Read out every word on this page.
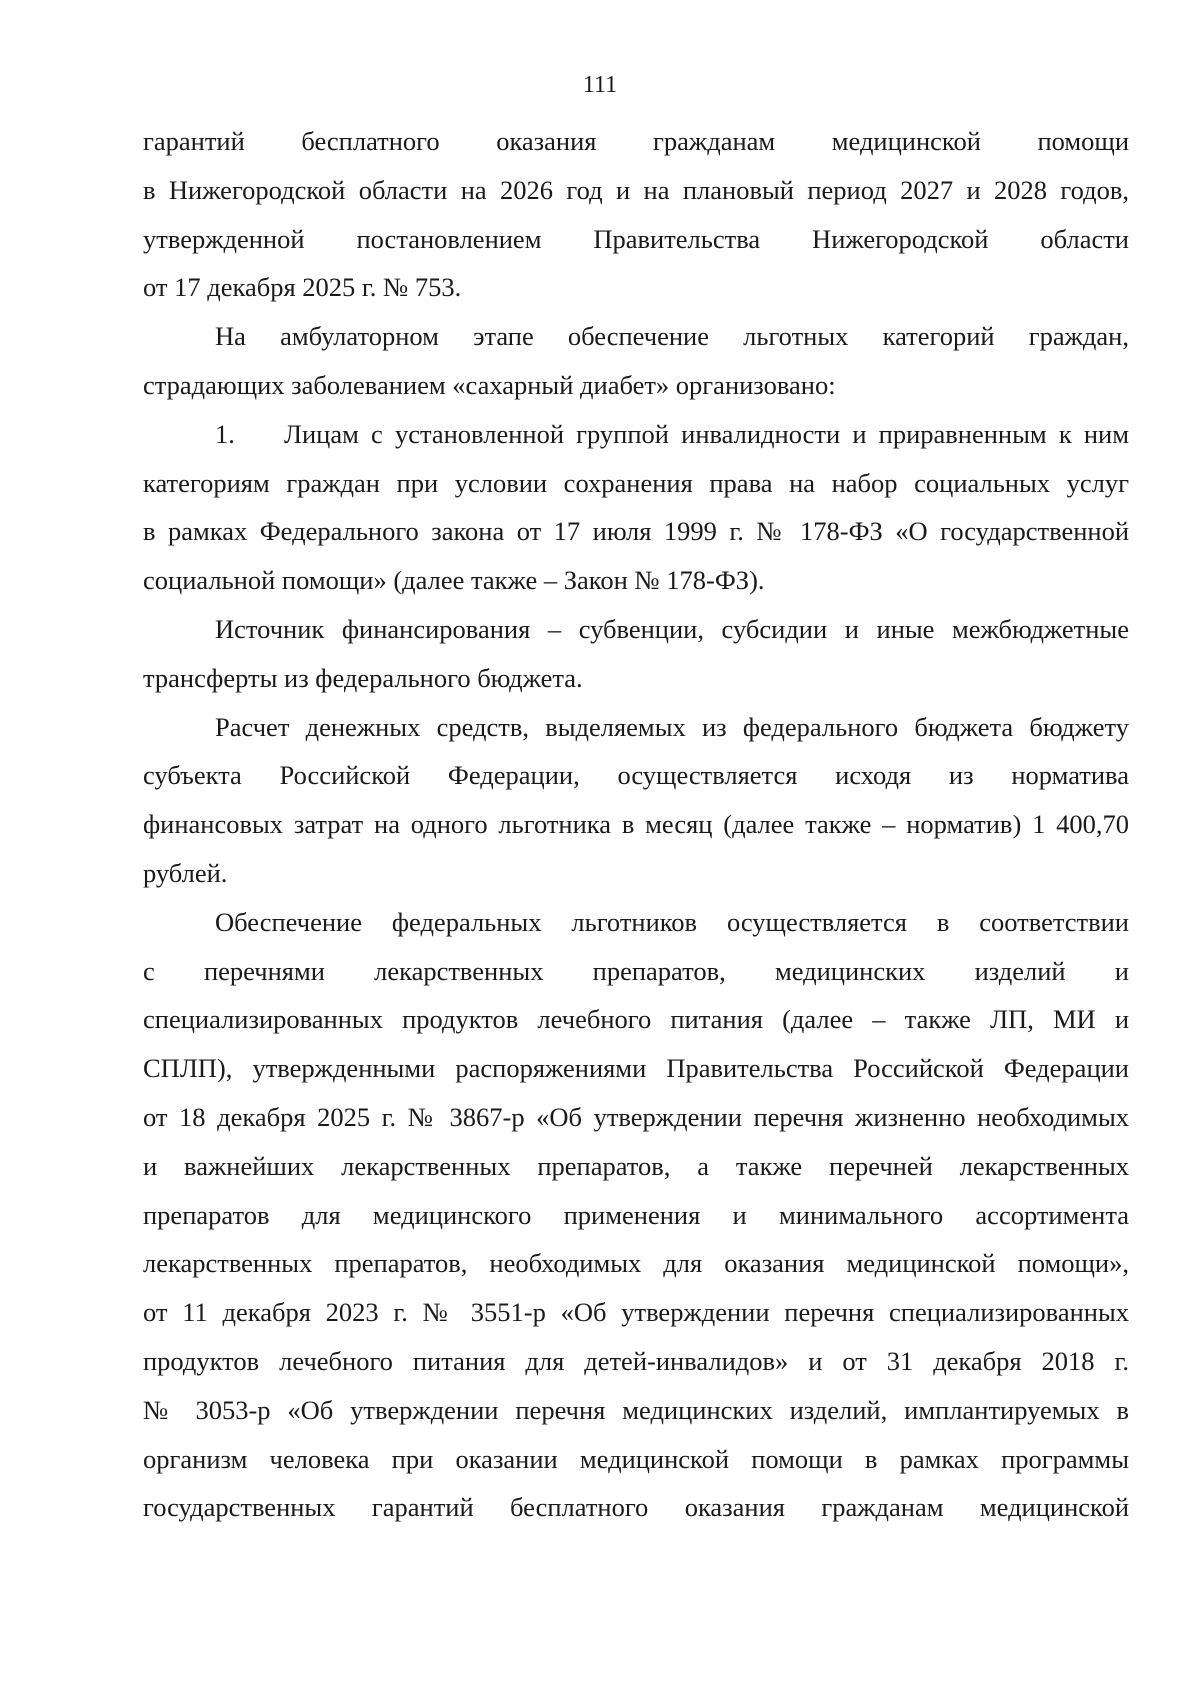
111
гарантий бесплатного оказания гражданам медицинской помощи
в Нижегородской области на 2026 год и на плановый период 2027 и 2028 годов,
утвержденной постановлением Правительства Нижегородской области
от 17 декабря 2025 г. № 753.
На амбулаторном этапе обеспечение льготных категорий граждан,
страдающих заболеванием «сахарный диабет» организовано:
1. Лицам с установленной группой инвалидности и приравненным к ним
категориям граждан при условии сохранения права на набор социальных услуг
в рамках Федерального закона от 17 июля 1999 г. № 178-ФЗ «О государственной
социальной помощи» (далее также – Закон № 178-ФЗ).
Источник финансирования – субвенции, субсидии и иные межбюджетные
трансферты из федерального бюджета.
Расчет денежных средств, выделяемых из федерального бюджета бюджету
субъекта Российской Федерации, осуществляется исходя из норматива
финансовых затрат на одного льготника в месяц (далее также – норматив) 1 400,70
рублей.
Обеспечение федеральных льготников осуществляется в соответствии
с перечнями лекарственных препаратов, медицинских изделий и
специализированных продуктов лечебного питания (далее – также ЛП, МИ и
СПЛП), утвержденными распоряжениями Правительства Российской Федерации
от 18 декабря 2025 г. № 3867-р «Об утверждении перечня жизненно необходимых
и важнейших лекарственных препаратов, а также перечней лекарственных
препаратов для медицинского применения и минимального ассортимента
лекарственных препаратов, необходимых для оказания медицинской помощи»,
от 11 декабря 2023 г. № 3551-р «Об утверждении перечня специализированных
продуктов лечебного питания для детей-инвалидов» и от 31 декабря 2018 г.
№ 3053-р «Об утверждении перечня медицинских изделий, имплантируемых в
организм человека при оказании медицинской помощи в рамках программы
государственных гарантий бесплатного оказания гражданам медицинской
